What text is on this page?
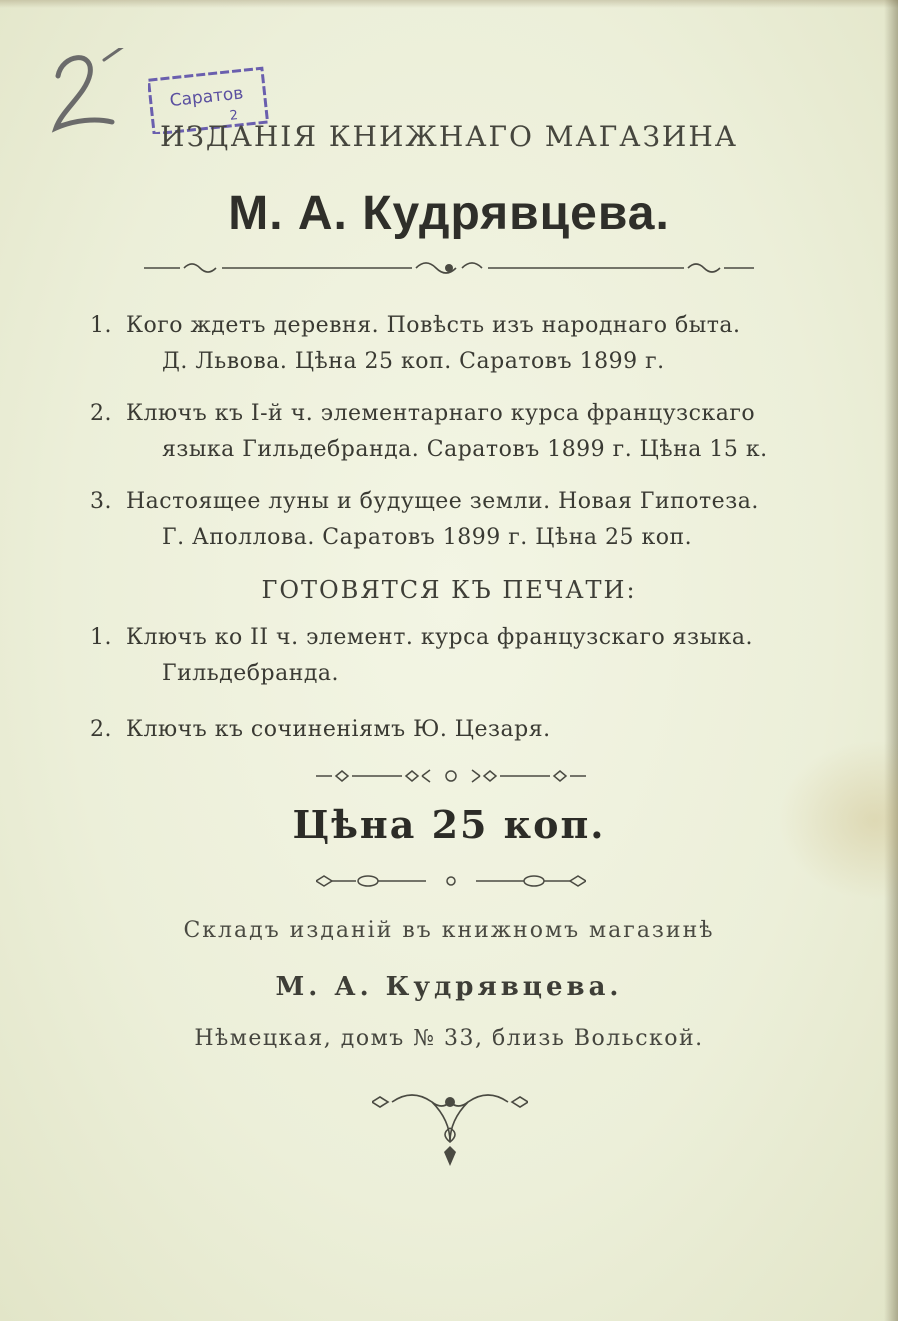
Саратов
2
ИЗДАНІЯ КНИЖНАГО МАГАЗИНА
М. А. Кудрявцева.
1. Кого ждетъ деревня. Повѣсть изъ народнаго быта.
Д. Львова. Цѣна 25 коп. Саратовъ 1899 г.
2. Ключъ къ I-й ч. элементарнаго курса французскаго
языка Гильдебранда. Саратовъ 1899 г. Цѣна 15 к.
3. Настоящее луны и будущее земли. Новая Гипотеза.
Г. Аполлова. Саратовъ 1899 г. Цѣна 25 коп.
ГОТОВЯТСЯ КЪ ПЕЧАТИ:
1. Ключъ ко II ч. элемент. курса французскаго языка.
Гильдебранда.
2. Ключъ къ сочиненіямъ Ю. Цезаря.
Цѣна 25 коп.
Складъ изданій въ книжномъ магазинѣ
М. А. Кудрявцева.
Нѣмецкая, домъ № 33, близь Вольской.
